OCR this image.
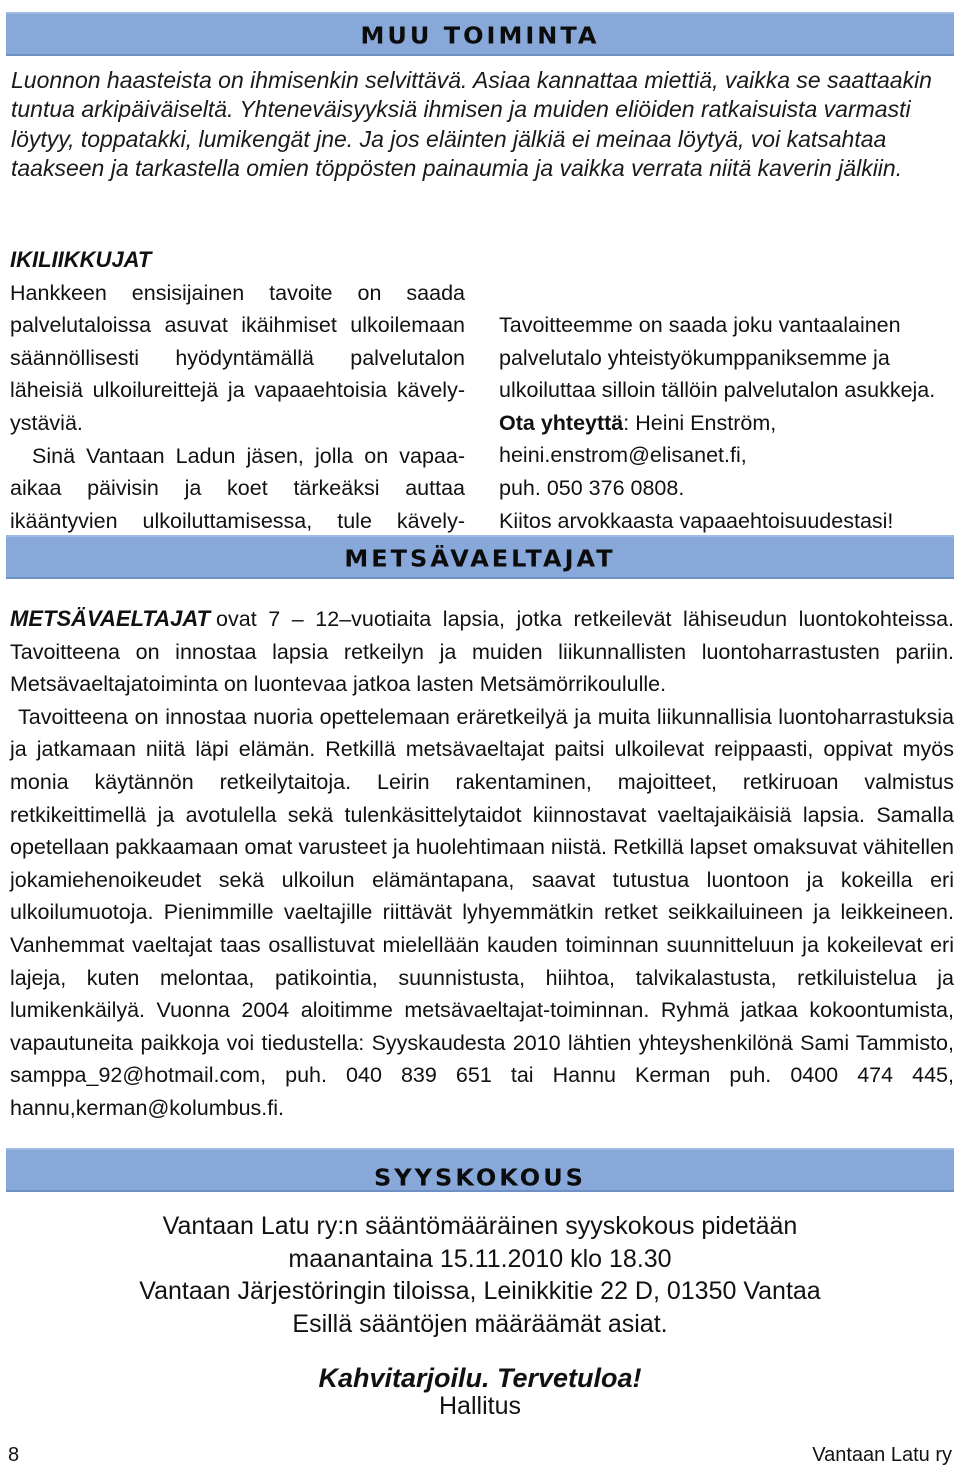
MUU TOIMINTA
Luonnon haasteista on ihmisenkin selvittävä. Asiaa kannattaa miettiä, vaikka se saattaakin tuntua arkipäiväiseltä. Yhteneväisyyksiä ihmisen ja muiden eliöiden ratkaisuista varmasti löytyy, toppatakki, lumikengät jne. Ja jos eläinten jälkiä ei meinaa löytyä, voi katsahtaa taakseen ja tarkastella omien töppösten painaumia ja vaikka verrata niitä kaverin jälkiin.

IKILIIKKUJAT

Hankkeen ensisijainen tavoite on saada palvelutaloissa asuvat ikäihmiset ulkoilemaan säännöllisesti hyödyntämällä palvelutalon läheisiä ulkoilureittejä ja vapaaehtoisia kävely-ystäviä.

Sinä Vantaan Ladun jäsen, jolla on vapaa-aikaa päivisin ja koet tärkeäksi auttaa ikääntyvien ulkoiluttamisessa, tule kävely-

Tavoitteemme on saada joku vantaalainen palvelutalo yhteistyökumppaniksemme ja ulkoiluttaa silloin tällöin palvelutalon asukkeja.

Ota yhteyttä: Heini Enström,

heini.enstrom@elisanet.fi,

puh. 050 376 0808.

Kiitos arvokkaasta vapaaehtoisuudestasi!

METSÄVAELTAJAT

METSÄVAELTAJAT ovat 7 – 12–vuotiaita lapsia, jotka retkeilevät lähiseudun luontokohteissa. Tavoitteena on innostaa lapsia retkeilyn ja muiden liikunnallisten luontoharrastusten pariin. Metsävaeltajatoiminta on luontevaa jatkoa lasten Metsämörrikoululle.

Tavoitteena on innostaa nuoria opettelemaan eräretkeilyä ja muita liikunnallisia luontoharrastuksia ja jatkamaan niitä läpi elämän. Retkillä metsävaeltajat paitsi ulkoilevat reippaasti, oppivat myös monia käytännön retkeilytaitoja. Leirin rakentaminen, majoitteet, retkiruoan valmistus retkikeittimellä ja avotulella sekä tulenkäsittelytaidot kiinnostavat vaeltajaikäisiä lapsia. Samalla opetellaan pakkaamaan omat varusteet ja huolehtimaan niistä. Retkillä lapset omaksuvat vähitellen jokamiehenoikeudet sekä ulkoilun elämäntapana, saavat tutustua luontoon ja kokeilla eri ulkoilumuotoja. Pienimmille vaeltajille riittävät lyhyemmätkin retket seikkailuineen ja leikkeineen. Vanhemmat vaeltajat taas osallistuvat mielellään kauden toiminnan suunnitteluun ja kokeilevat eri lajeja, kuten melontaa, patikointia, suunnistusta, hiihtoa, talvikalastusta, retkiluistelua ja lumikenkäilyä. Vuonna 2004 aloitimme metsävaeltajat-toiminnan. Ryhmä jatkaa kokoontumista, vapautuneita paikkoja voi tiedustella: Syyskaudesta 2010 lähtien yhteyshenkilönä Sami Tammisto, samppa_92@hotmail.com, puh. 040 839 651 tai Hannu Kerman puh. 0400 474 445, hannu,kerman@kolumbus.fi.

SYYSKOKOUS
Vantaan Latu ry:n sääntömääräinen syyskokous pidetään
maanantaina 15.11.2010 klo 18.30
Vantaan Järjestöringin tiloissa, Leinikkitie 22 D, 01350 Vantaa
Esillä sääntöjen määräämät asiat.
Kahvitarjoilu. Tervetuloa!
Hallitus
8	Vantaan Latu ry
